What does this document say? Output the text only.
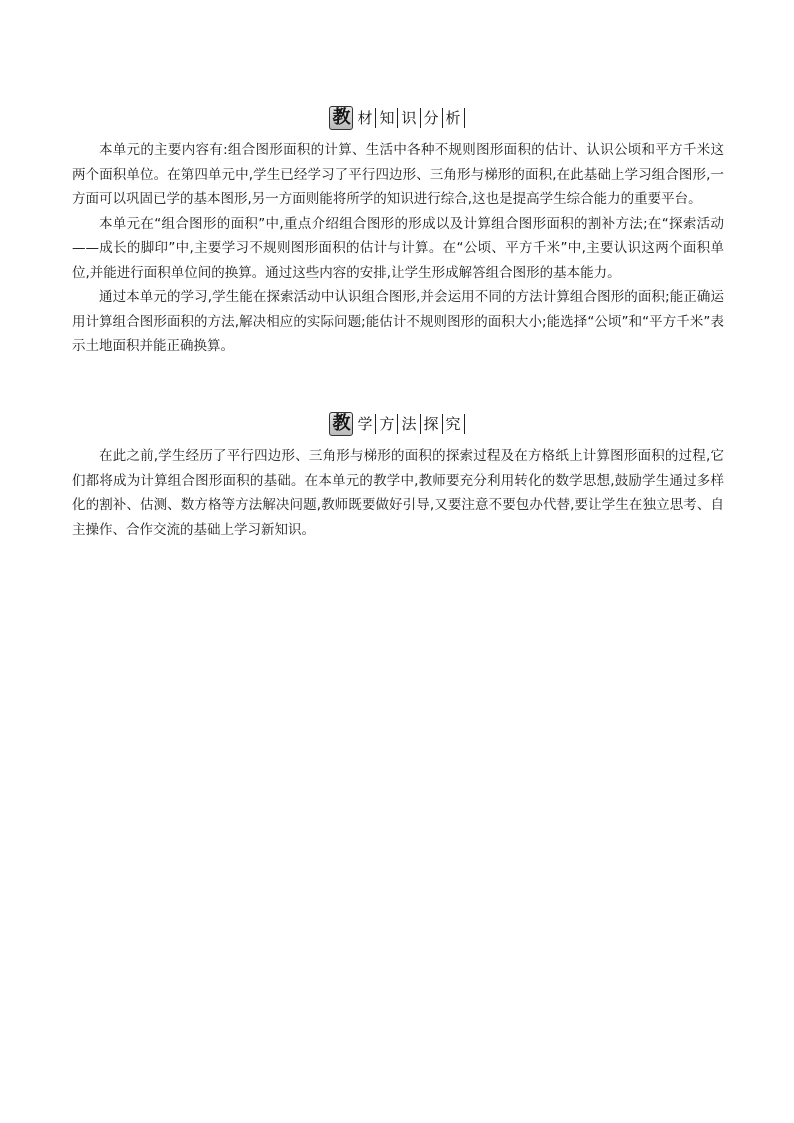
教 材 知 识 分 析

本单元的主要内容有:组合图形面积的计算、生活中各种不规则图形面积的估计、认识公顷和平方千米这两个面积单位。在第四单元中,学生已经学习了平行四边形、三角形与梯形的面积,在此基础上学习组合图形,一方面可以巩固已学的基本图形,另一方面则能将所学的知识进行综合,这也是提高学生综合能力的重要平台。

本单元在“组合图形的面积”中,重点介绍组合图形的形成以及计算组合图形面积的割补方法;在“探索活动——成长的脚印”中,主要学习不规则图形面积的估计与计算。在“公顷、平方千米”中,主要认识这两个面积单位,并能进行面积单位间的换算。通过这些内容的安排,让学生形成解答组合图形的基本能力。

通过本单元的学习,学生能在探索活动中认识组合图形,并会运用不同的方法计算组合图形的面积;能正确运用计算组合图形面积的方法,解决相应的实际问题;能估计不规则图形的面积大小;能选择“公顷”和“平方千米”表示土地面积并能正确换算。

教 学 方 法 探 究

在此之前,学生经历了平行四边形、三角形与梯形的面积的探索过程及在方格纸上计算图形面积的过程,它们都将成为计算组合图形面积的基础。在本单元的教学中,教师要充分利用转化的数学思想,鼓励学生通过多样化的割补、估测、数方格等方法解决问题,教师既要做好引导,又要注意不要包办代替,要让学生在独立思考、自主操作、合作交流的基础上学习新知识。
